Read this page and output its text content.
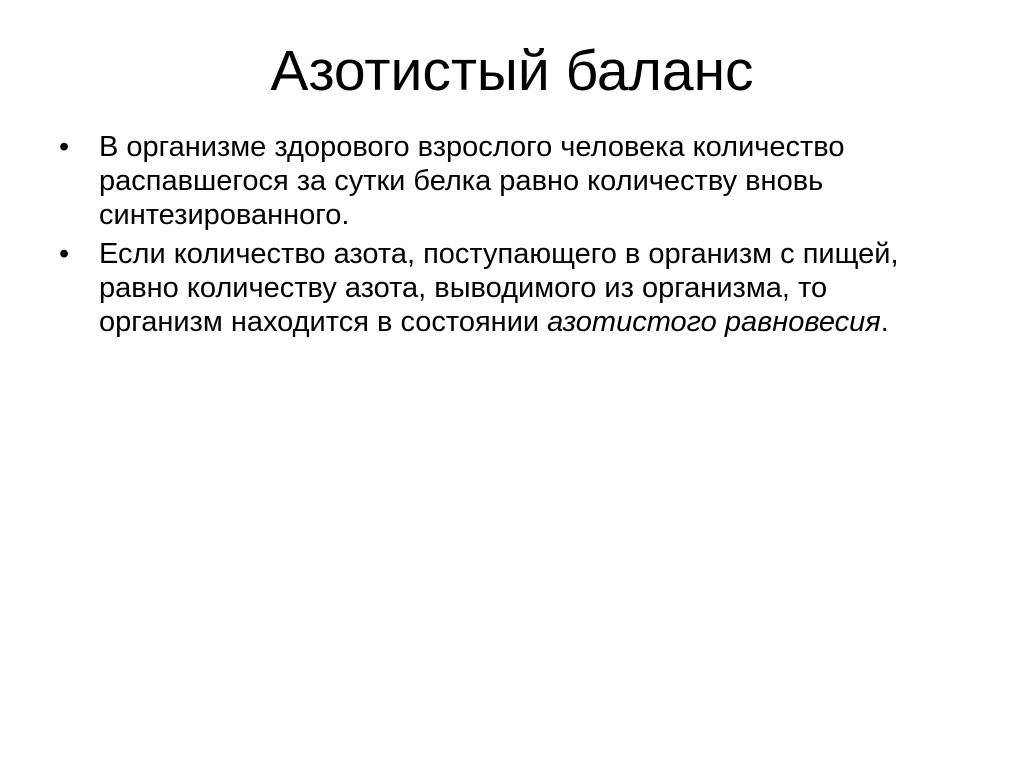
Азотистый баланс
• В организме здорового взрослого человека количество распавшегося за сутки белка равно количеству вновь синтезированного.
• Если количество азота, поступающего в организм с пищей, равно количеству азота, выводимого из организма, то организм находится в состоянии азотистого равновесия.
